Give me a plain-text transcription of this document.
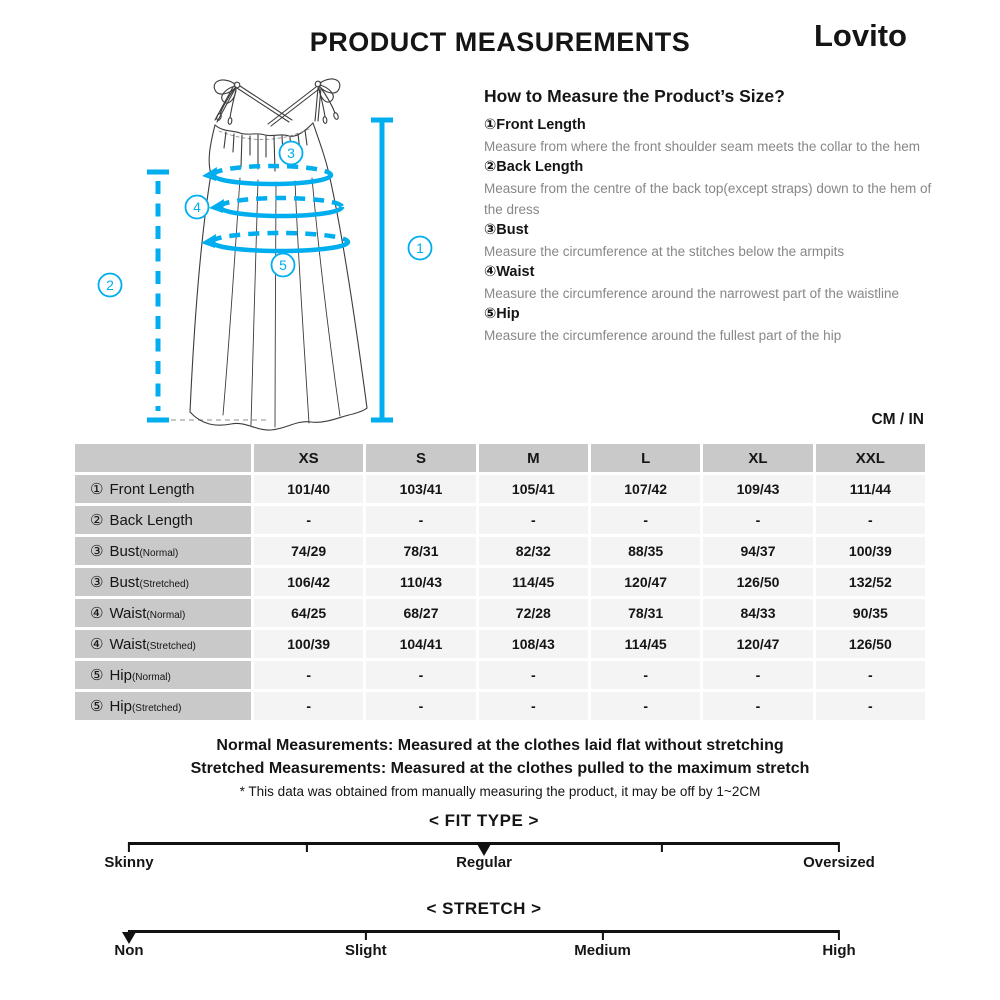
PRODUCT MEASUREMENTS	Lovito
1
2
3
4
5
How to Measure the Product’s Size?
①Front Length
Measure from where the front shoulder seam meets the collar to the hem
②Back Length
Measure from the centre of the back top(except straps) down to the hem of the dress
③Bust
Measure the circumference at the stitches below the armpits
④Waist
Measure the circumference around the narrowest part of the waistline
⑤Hip
Measure the circumference around the fullest part of the hip
CM / IN
XS	S	M	L	XL	XXL
① Front Length	101/40	103/41	105/41	107/42	109/43	111/44
② Back Length	-	-	-	-	-	-
③ Bust (Normal)	74/29	78/31	82/32	88/35	94/37	100/39
③ Bust (Stretched)	106/42	110/43	114/45	120/47	126/50	132/52
④ Waist (Normal)	64/25	68/27	72/28	78/31	84/33	90/35
④ Waist (Stretched)	100/39	104/41	108/43	114/45	120/47	126/50
⑤ Hip (Normal)	-	-	-	-	-	-
⑤ Hip (Stretched)	-	-	-	-	-	-
Normal Measurements: Measured at the clothes laid flat without stretching
Stretched Measurements: Measured at the clothes pulled to the maximum stretch
* This data was obtained from manually measuring the product, it may be off by 1~2CM
< FIT TYPE >
Skinny	Regular	Oversized
< STRETCH >
Non	Slight	Medium	High
